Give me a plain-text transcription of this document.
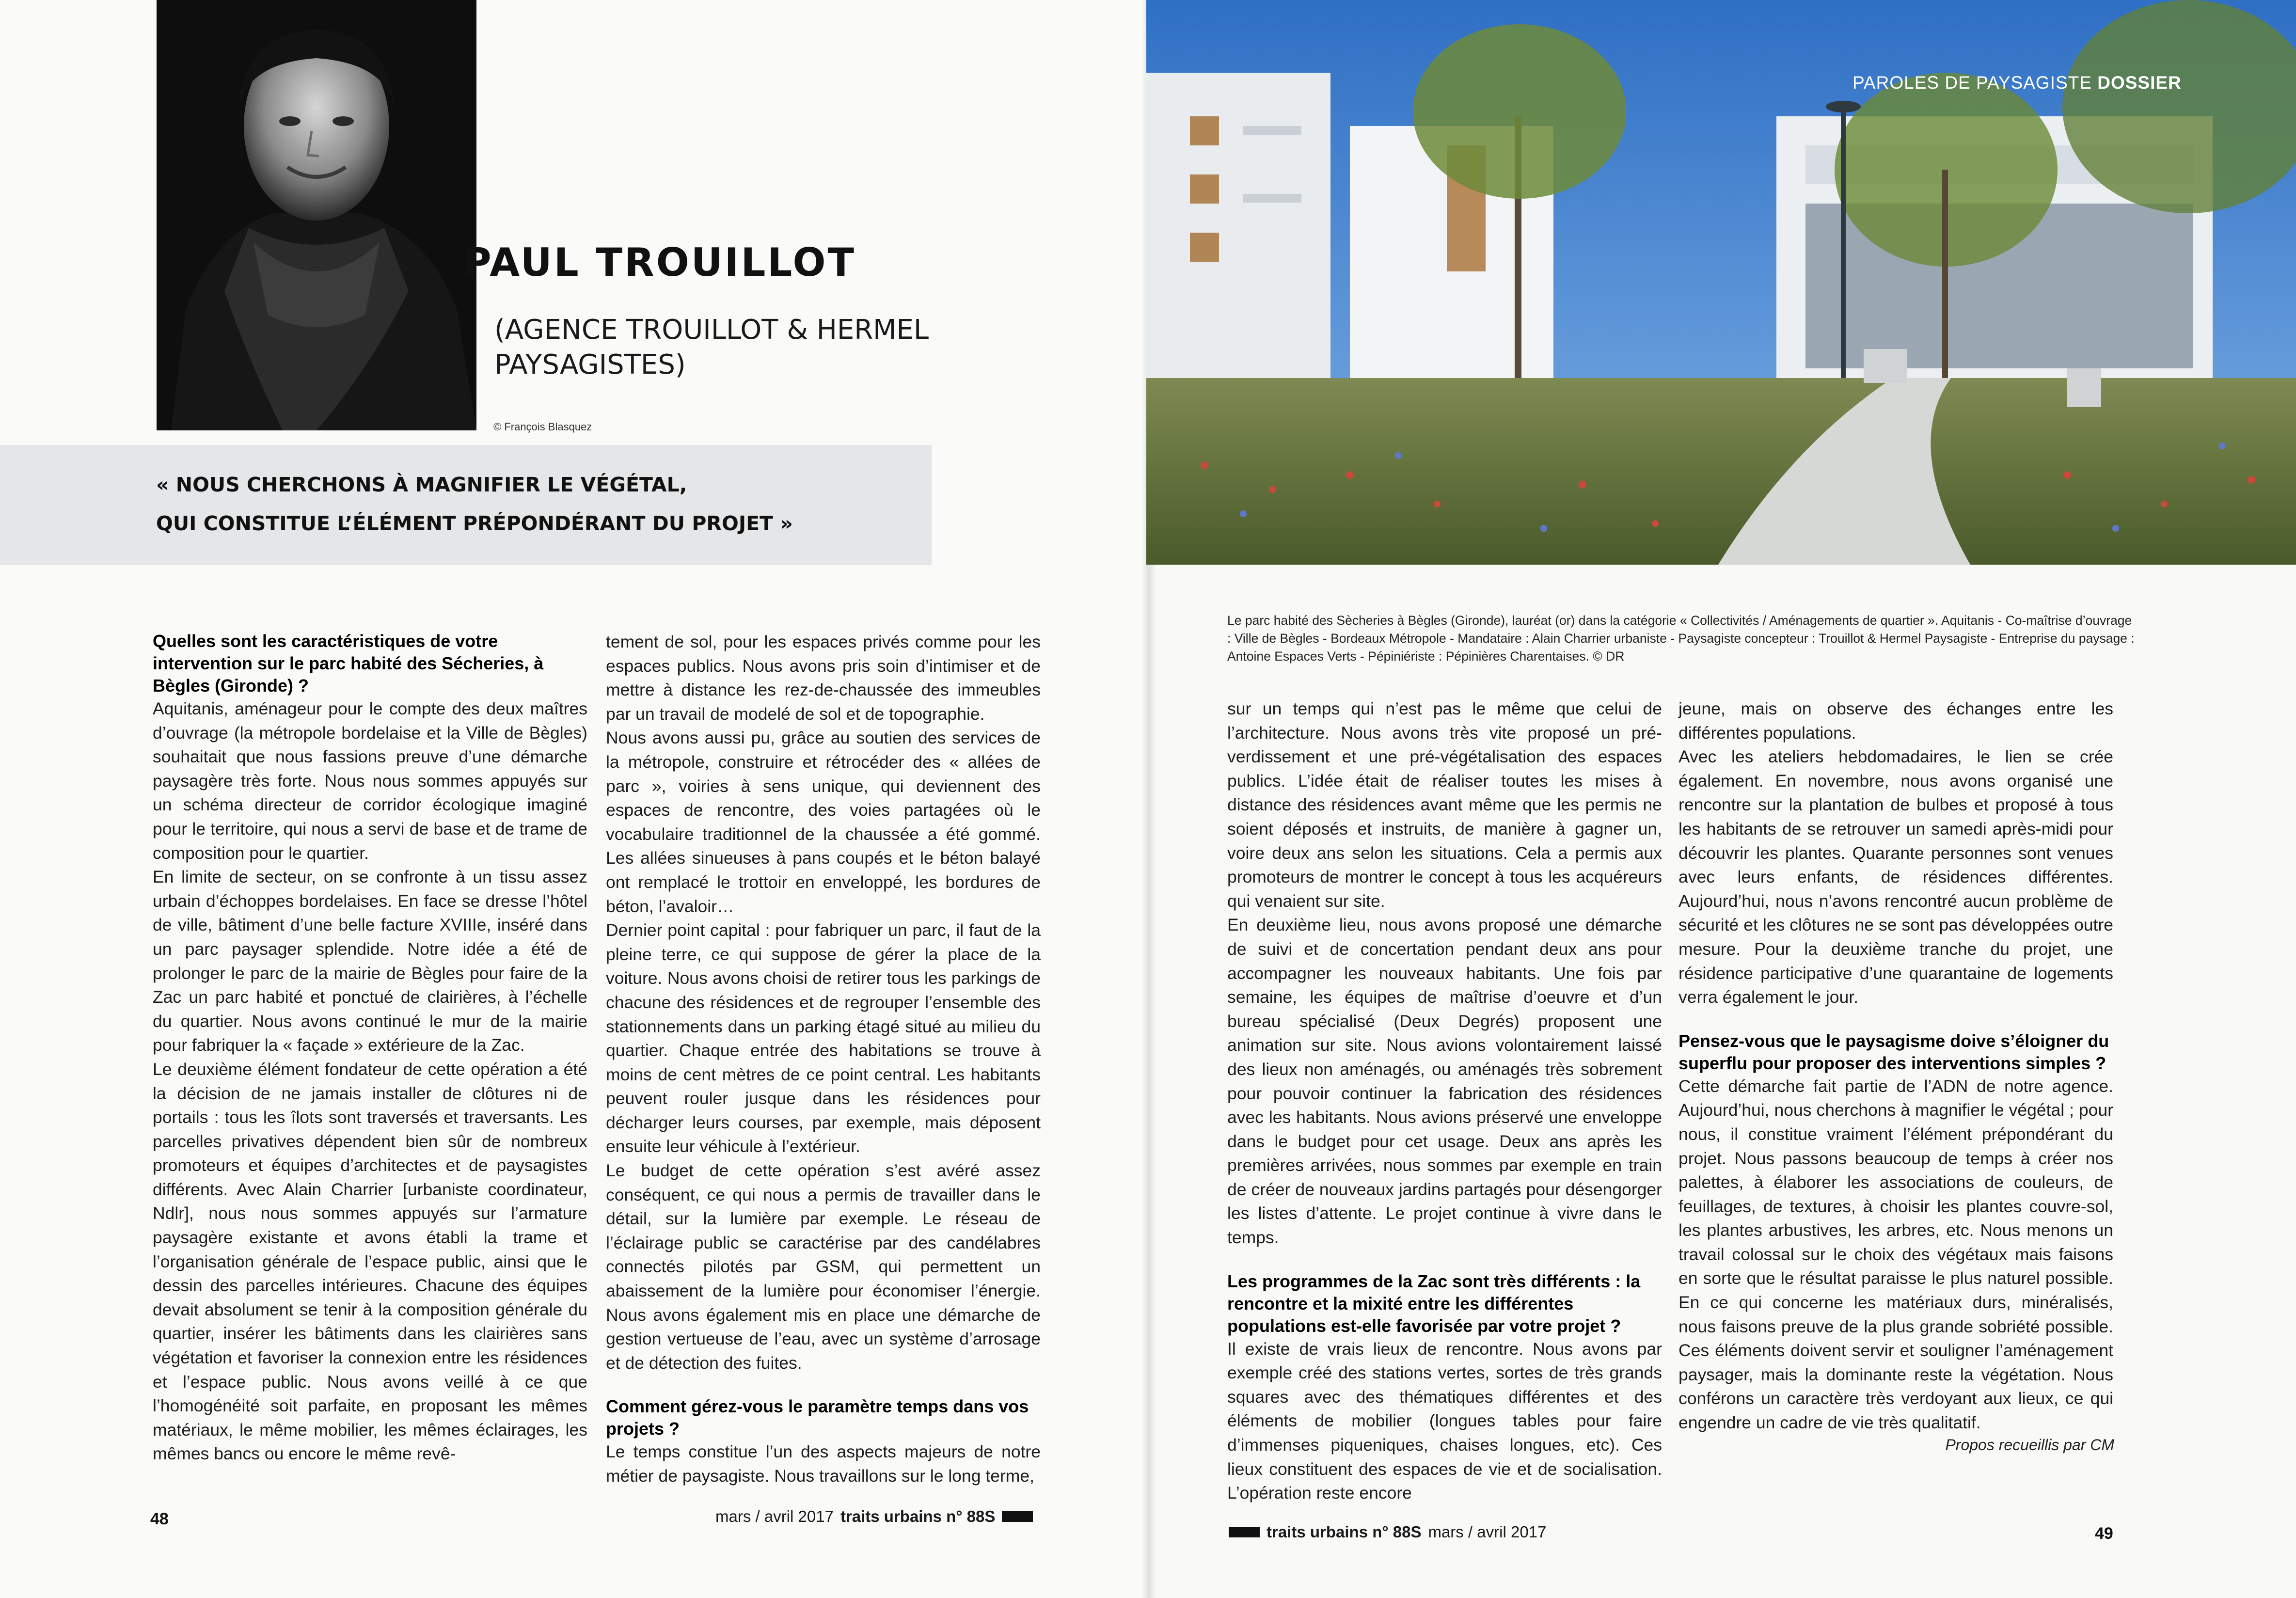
© François Blasquez
PAUL TROUILLOT
(AGENCE TROUILLOT & HERMEL PAYSAGISTES)
« NOUS CHERCHONS À MAGNIFIER LE VÉGÉTAL,
QUI CONSTITUE L’ÉLÉMENT PRÉPONDÉRANT DU PROJET »
Quelles sont les caractéristiques de votre intervention sur le parc habité des Sécheries, à Bègles (Gironde) ?

Aquitanis, aménageur pour le compte des deux maîtres d’ouvrage (la métropole bordelaise et la Ville de Bègles) souhaitait que nous fassions preuve d’une démarche paysagère très forte. Nous nous sommes appuyés sur un schéma directeur de corridor écologique imaginé pour le territoire, qui nous a servi de base et de trame de composition pour le quartier.

En limite de secteur, on se confronte à un tissu assez urbain d’échoppes bordelaises. En face se dresse l’hôtel de ville, bâtiment d’une belle facture XVIIIe, inséré dans un parc paysager splendide. Notre idée a été de prolonger le parc de la mairie de Bègles pour faire de la Zac un parc habité et ponctué de clairières, à l’échelle du quartier. Nous avons continué le mur de la mairie pour fabriquer la « façade » extérieure de la Zac.

Le deuxième élément fondateur de cette opération a été la décision de ne jamais installer de clôtures ni de portails : tous les îlots sont traversés et traversants. Les parcelles privatives dépendent bien sûr de nombreux promoteurs et équipes d’architectes et de paysagistes différents. Avec Alain Charrier [urbaniste coordinateur, Ndlr], nous nous sommes appuyés sur l’armature paysagère existante et avons établi la trame et l’organisation générale de l’espace public, ainsi que le dessin des parcelles intérieures. Chacune des équipes devait absolument se tenir à la composition générale du quartier, insérer les bâtiments dans les clairières sans végétation et favoriser la connexion entre les résidences et l’espace public. Nous avons veillé à ce que l’homogénéité soit parfaite, en proposant les mêmes matériaux, le même mobilier, les mêmes éclairages, les mêmes bancs ou encore le même revê-

tement de sol, pour les espaces privés comme pour les espaces publics. Nous avons pris soin d’intimiser et de mettre à distance les rez-de-chaussée des immeubles par un travail de modelé de sol et de topographie.

Nous avons aussi pu, grâce au soutien des services de la métropole, construire et rétrocéder des « allées de parc », voiries à sens unique, qui deviennent des espaces de rencontre, des voies partagées où le vocabulaire traditionnel de la chaussée a été gommé. Les allées sinueuses à pans coupés et le béton balayé ont remplacé le trottoir en enveloppé, les bordures de béton, l’avaloir…

Dernier point capital : pour fabriquer un parc, il faut de la pleine terre, ce qui suppose de gérer la place de la voiture. Nous avons choisi de retirer tous les parkings de chacune des résidences et de regrouper l’ensemble des stationnements dans un parking étagé situé au milieu du quartier. Chaque entrée des habitations se trouve à moins de cent mètres de ce point central. Les habitants peuvent rouler jusque dans les résidences pour décharger leurs courses, par exemple, mais déposent ensuite leur véhicule à l’extérieur.

Le budget de cette opération s’est avéré assez conséquent, ce qui nous a permis de travailler dans le détail, sur la lumière par exemple. Le réseau de l’éclairage public se caractérise par des candélabres connectés pilotés par GSM, qui permettent un abaissement de la lumière pour économiser l’énergie. Nous avons également mis en place une démarche de gestion vertueuse de l’eau, avec un système d’arrosage et de détection des fuites.

Comment gérez-vous le paramètre temps dans vos projets ?

Le temps constitue l’un des aspects majeurs de notre métier de paysagiste. Nous travaillons sur le long terme,

48	mars / avril 2017 traits urbains n° 88S
PAROLES DE PAYSAGISTE DOSSIER
Le parc habité des Sècheries à Bègles (Gironde), lauréat (or) dans la catégorie « Collectivités / Aménagements de quartier ». Aquitanis - Co-maîtrise d’ouvrage : Ville de Bègles - Bordeaux Métropole - Mandataire : Alain Charrier urbaniste - Paysagiste concepteur : Trouillot & Hermel Paysagiste - Entreprise du paysage : Antoine Espaces Verts - Pépiniériste : Pépinières Charentaises. © DR

sur un temps qui n’est pas le même que celui de l’architecture. Nous avons très vite proposé un pré-verdissement et une pré-végétalisation des espaces publics. L’idée était de réaliser toutes les mises à distance des résidences avant même que les permis ne soient déposés et instruits, de manière à gagner un, voire deux ans selon les situations. Cela a permis aux promoteurs de montrer le concept à tous les acquéreurs qui venaient sur site.

En deuxième lieu, nous avons proposé une démarche de suivi et de concertation pendant deux ans pour accompagner les nouveaux habitants. Une fois par semaine, les équipes de maîtrise d’oeuvre et d’un bureau spécialisé (Deux Degrés) proposent une animation sur site. Nous avions volontairement laissé des lieux non aménagés, ou aménagés très sobrement pour pouvoir continuer la fabrication des résidences avec les habitants. Nous avions préservé une enveloppe dans le budget pour cet usage. Deux ans après les premières arrivées, nous sommes par exemple en train de créer de nouveaux jardins partagés pour désengorger les listes d’attente. Le projet continue à vivre dans le temps.

Les programmes de la Zac sont très différents : la rencontre et la mixité entre les différentes populations est-elle favorisée par votre projet ?

Il existe de vrais lieux de rencontre. Nous avons par exemple créé des stations vertes, sortes de très grands squares avec des thématiques différentes et des éléments de mobilier (longues tables pour faire d’immenses piqueniques, chaises longues, etc). Ces lieux constituent des espaces de vie et de socialisation. L’opération reste encore

jeune, mais on observe des échanges entre les différentes populations.

Avec les ateliers hebdomadaires, le lien se crée également. En novembre, nous avons organisé une rencontre sur la plantation de bulbes et proposé à tous les habitants de se retrouver un samedi après-midi pour découvrir les plantes. Quarante personnes sont venues avec leurs enfants, de résidences différentes. Aujourd’hui, nous n’avons rencontré aucun problème de sécurité et les clôtures ne se sont pas développées outre mesure. Pour la deuxième tranche du projet, une résidence participative d’une quarantaine de logements verra également le jour.

Pensez-vous que le paysagisme doive s’éloigner du superflu pour proposer des interventions simples ?

Cette démarche fait partie de l’ADN de notre agence. Aujourd’hui, nous cherchons à magnifier le végétal ; pour nous, il constitue vraiment l’élément prépondérant du projet. Nous passons beaucoup de temps à créer nos palettes, à élaborer les associations de couleurs, de feuillages, de textures, à choisir les plantes couvre-sol, les plantes arbustives, les arbres, etc. Nous menons un travail colossal sur le choix des végétaux mais faisons en sorte que le résultat paraisse le plus naturel possible. En ce qui concerne les matériaux durs, minéralisés, nous faisons preuve de la plus grande sobriété possible. Ces éléments doivent servir et souligner l’aménagement paysager, mais la dominante reste la végétation. Nous conférons un caractère très verdoyant aux lieux, ce qui engendre un cadre de vie très qualitatif.

Propos recueillis par CM
traits urbains n° 88S mars / avril 2017	49
